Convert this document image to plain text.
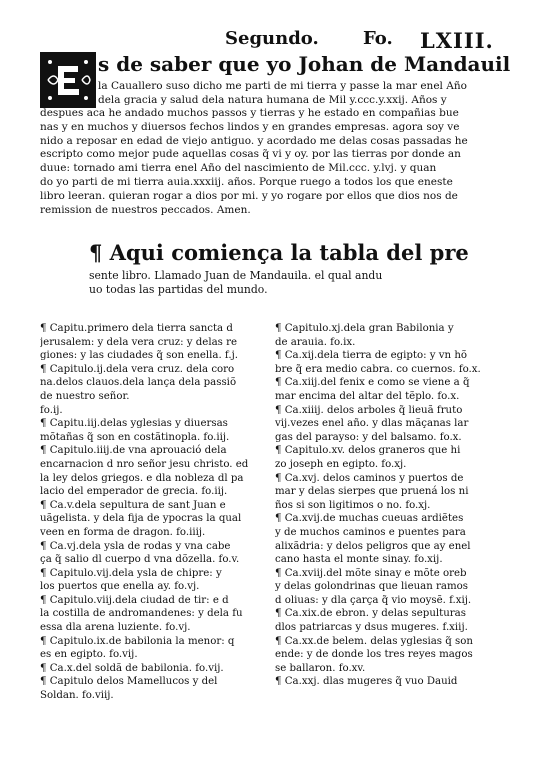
Segundo. Fo. LXIII.
s de saber que yo Johan de Mandauil
la Cauallero suso dicho me parti de mi tierra y passe la mar enel Año
dela gracia y salud dela natura humana de Mil y.ccc.y.xxij. Años y
despues aca he andado muchos passos y tierras y he estado en compañias bue
nas y en muchos y diuersos fechos lindos y en grandes empresas. agora soy ve
nido a reposar en edad de viejo antiguo. y acordado me delas cosas passadas he
escripto como mejor pude aquellas cosas q̃ vi y oy. por las tierras por donde an
duue: tornado ami tierra enel Año del nascimiento de Mil.ccc. y.lvj. y quan
do yo parti de mi tierra auia.xxxiij. años. Porque ruego a todos los que eneste
libro leeran. quieran rogar a dios por mi. y yo rogare por ellos que dios nos de
remission de nuestros peccados. Amen.
¶ Aqui comiença la tabla del pre
sente libro. Llamado Juan de Mandauila. el qual andu
uo todas las partidas del mundo.
¶ Capitu.primero dela tierra sancta d
jerusalem: y dela vera cruz: y delas re
giones: y las ciudades q̃ son enella. f.j.
¶ Capitulo.ij.dela vera cruz. dela coro
na.delos clauos.dela lança dela passiõ
de nuestro señor.
fo.ij.
¶ Capitu.iij.delas yglesias y diuersas
mõtañas q̃ son en costãtinopla. fo.iij.
¶ Capitulo.iiij.de vna aprouació dela
encarnacion d nro señor jesu christo. ed
la ley delos griegos. e dla nobleza dl pa
lacio del emperador de grecia. fo.iij.
¶ Ca.v.dela sepultura de sant Juan e
uãgelista. y dela fija de ypocras la qual
veen en forma de dragon. fo.iiij.
¶ Ca.vj.dela ysla de rodas y vna cabe
ça q̃ salio dl cuerpo d vna dõzella. fo.v.
¶ Capitulo.vij.dela ysla de chipre: y
los puertos que enella ay. fo.vj.
¶ Capitulo.viij.dela ciudad de tir: e d
la costilla de andromandenes: y dela fu
essa dla arena luziente. fo.vj.
¶ Capitulo.ix.de babilonia la menor: q
es en egipto. fo.vij.
¶ Ca.x.del soldã de babilonia. fo.vij.
¶ Capitulo delos Mamellucos y del
Soldan. fo.viij.
¶ Capitulo.xj.dela gran Babilonia y
de arauia. fo.ix.
¶ Ca.xij.dela tierra de egipto: y vn hõ
bre q̃ era medio cabra. co cuernos. fo.x.
¶ Ca.xiij.del fenix e como se viene a q̃
mar encima del altar del tẽplo. fo.x.
¶ Ca.xiiij. delos arboles q̃ lieuã fruto
vij.vezes enel año. y dlas mãçanas lar
gas del parayso: y del balsamo. fo.x.
¶ Capitulo.xv. delos graneros que hi
zo joseph en egipto. fo.xj.
¶ Ca.xvj. delos caminos y puertos de
mar y delas sierpes que pruená los ni
ños si son ligitimos o no. fo.xj.
¶ Ca.xvij.de muchas cueuas ardiẽtes
y de muchos caminos e puentes para
alixãdria: y delos peligros que ay enel
cano hasta el monte sinay. fo.xij.
¶ Ca.xviij.del mõte sinay e mõte oreb
y delas golondrinas que lieuan ramos
d oliuas: y dla çarça q̃ vio moysẽ. f.xij.
¶ Ca.xix.de ebron. y delas sepulturas
dlos patriarcas y dsus mugeres. f.xiij.
¶ Ca.xx.de belem. delas yglesias q̃ son
ende: y de donde los tres reyes magos
se ballaron. fo.xv.
¶ Ca.xxj. dlas mugeres q̃ vuo Dauid
